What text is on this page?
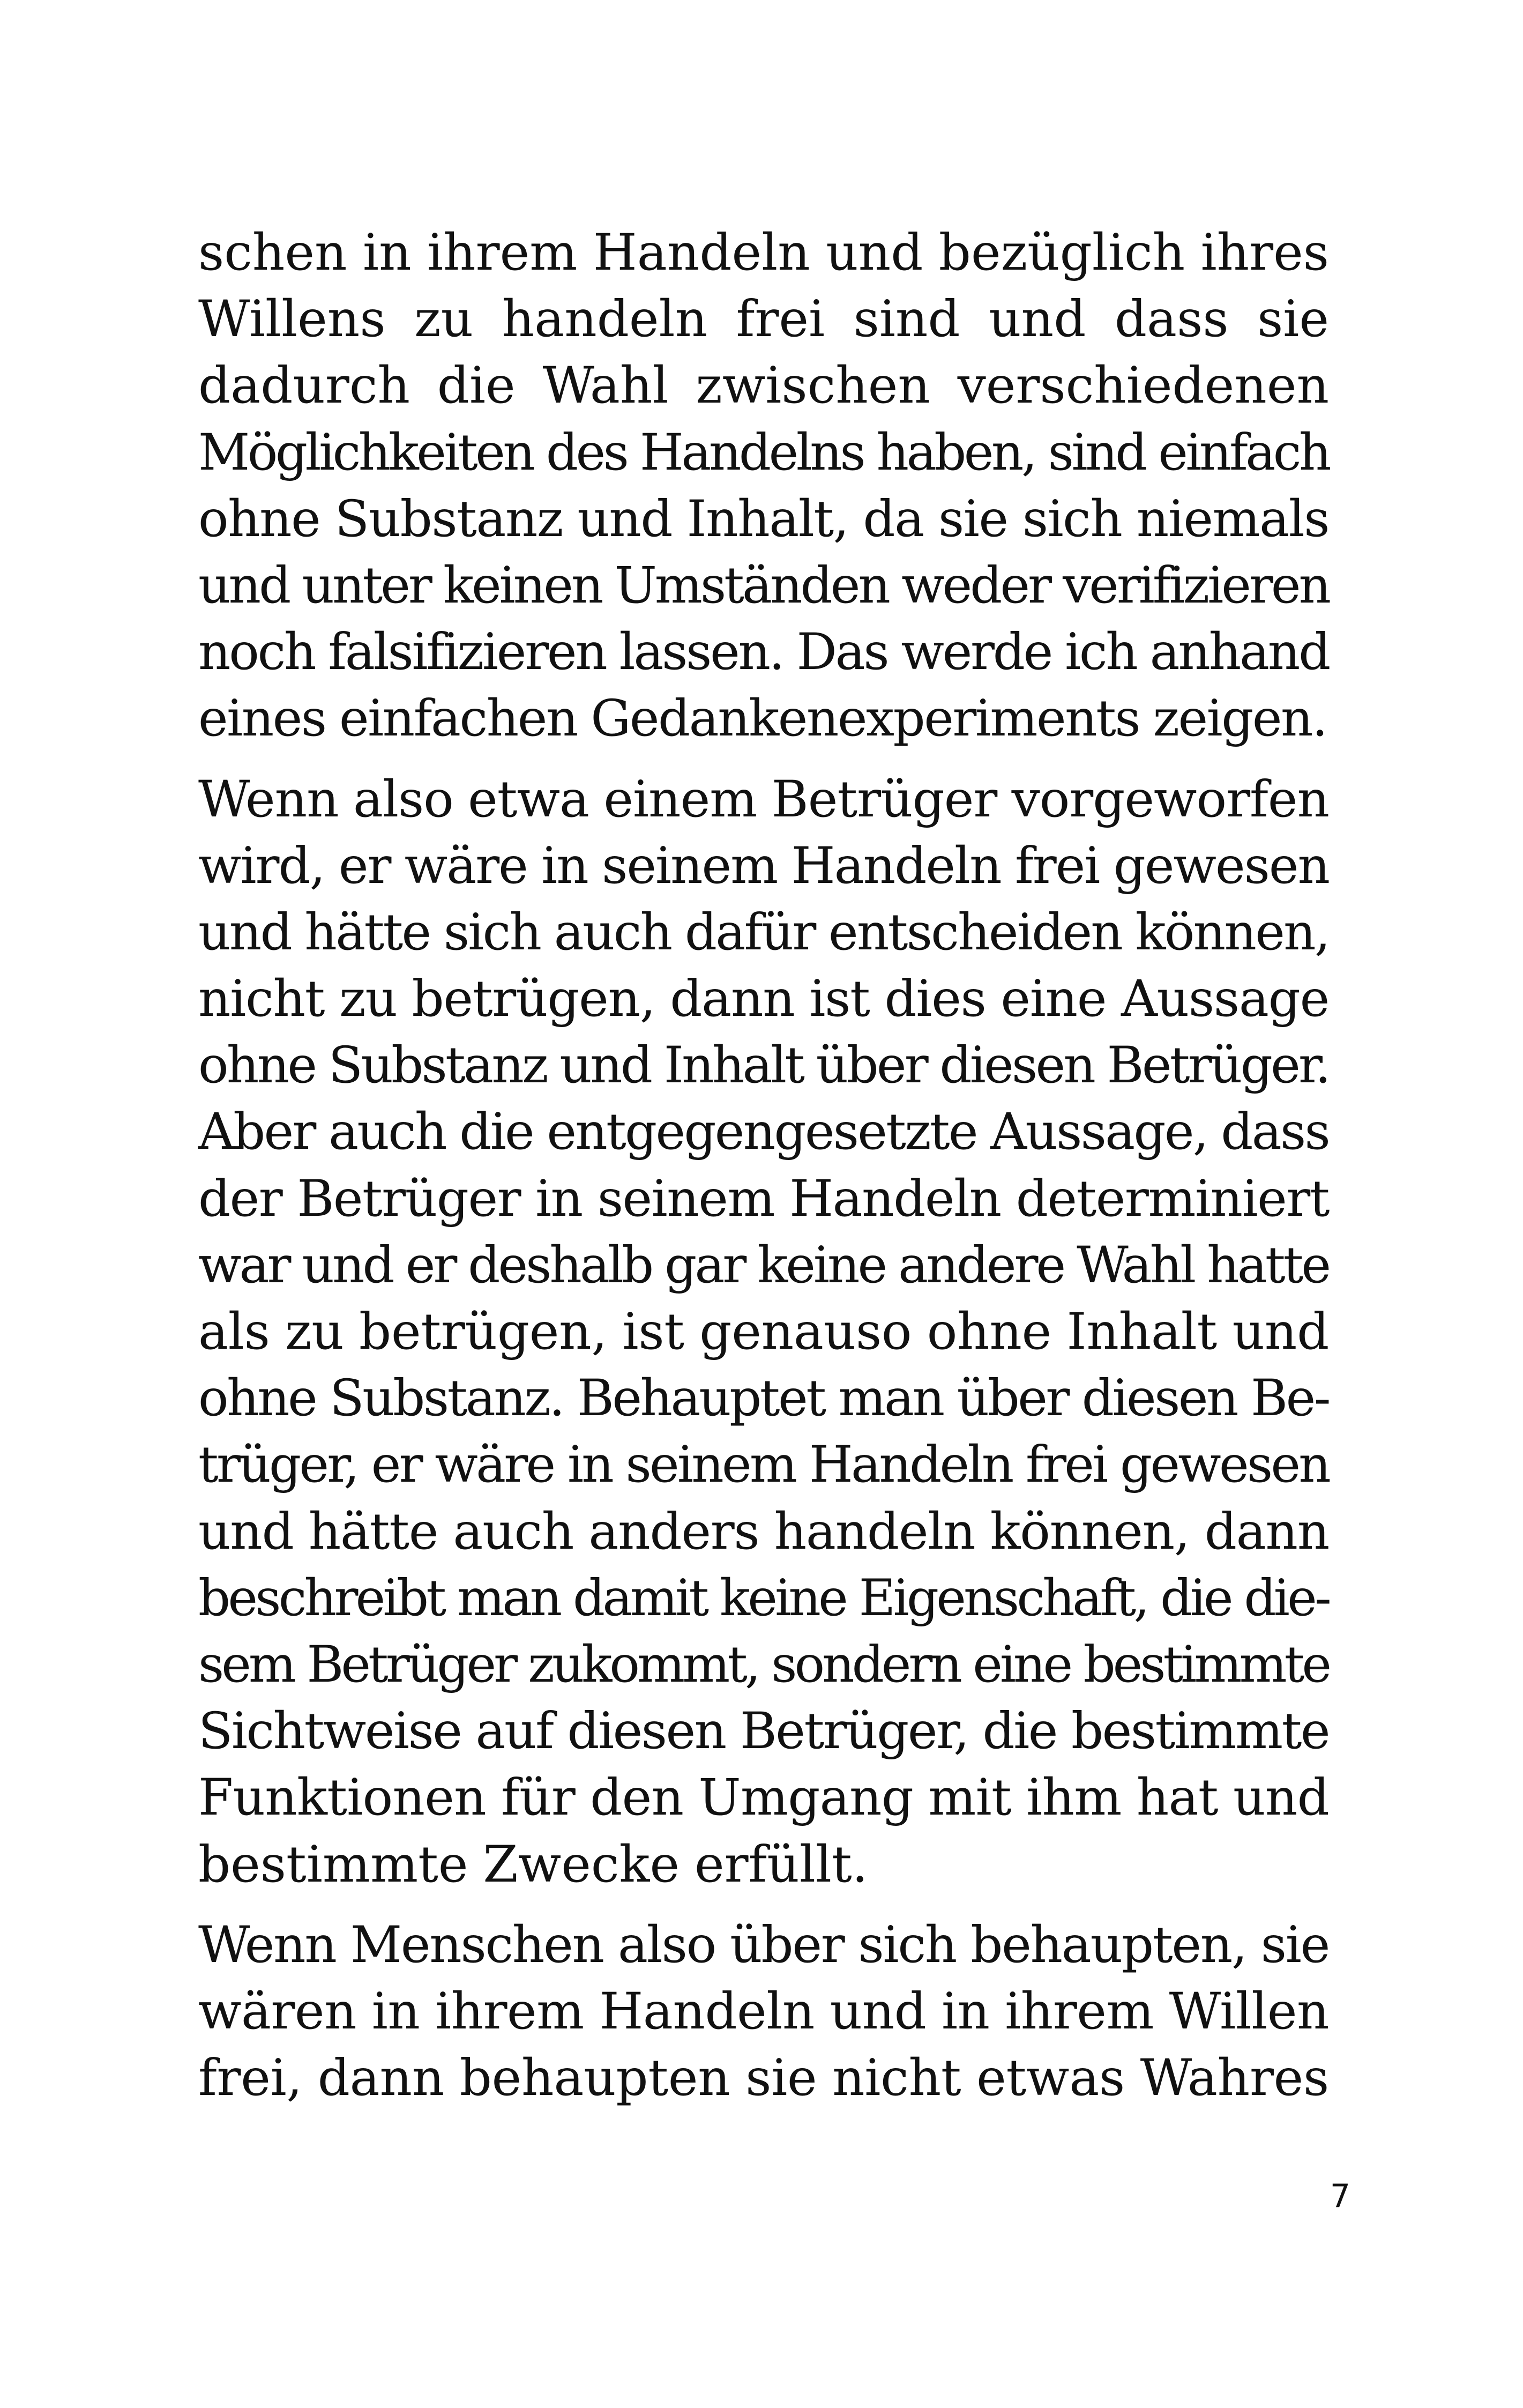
schen in ihrem Handeln und bezüglich ihres
Willens zu handeln frei sind und dass sie
dadurch die Wahl zwischen verschiedenen
Möglichkeiten des Handelns haben, sind einfach
ohne Substanz und Inhalt, da sie sich niemals
und unter keinen Umständen weder verifizieren
noch falsifizieren lassen. Das werde ich anhand
eines einfachen Gedankenexperiments zeigen.

Wenn also etwa einem Betrüger vorgeworfen
wird, er wäre in seinem Handeln frei gewesen
und hätte sich auch dafür entscheiden können,
nicht zu betrügen, dann ist dies eine Aussage
ohne Substanz und Inhalt über diesen Betrüger.
Aber auch die entgegengesetzte Aussage, dass
der Betrüger in seinem Handeln determiniert
war und er deshalb gar keine andere Wahl hatte
als zu betrügen, ist genauso ohne Inhalt und
ohne Substanz. Behauptet man über diesen Be-
trüger, er wäre in seinem Handeln frei gewesen
und hätte auch anders handeln können, dann
beschreibt man damit keine Eigenschaft, die die-
sem Betrüger zukommt, sondern eine bestimmte
Sichtweise auf diesen Betrüger, die bestimmte
Funktionen für den Umgang mit ihm hat und
bestimmte Zwecke erfüllt.

Wenn Menschen also über sich behaupten, sie
wären in ihrem Handeln und in ihrem Willen
frei, dann behaupten sie nicht etwas Wahres

7
